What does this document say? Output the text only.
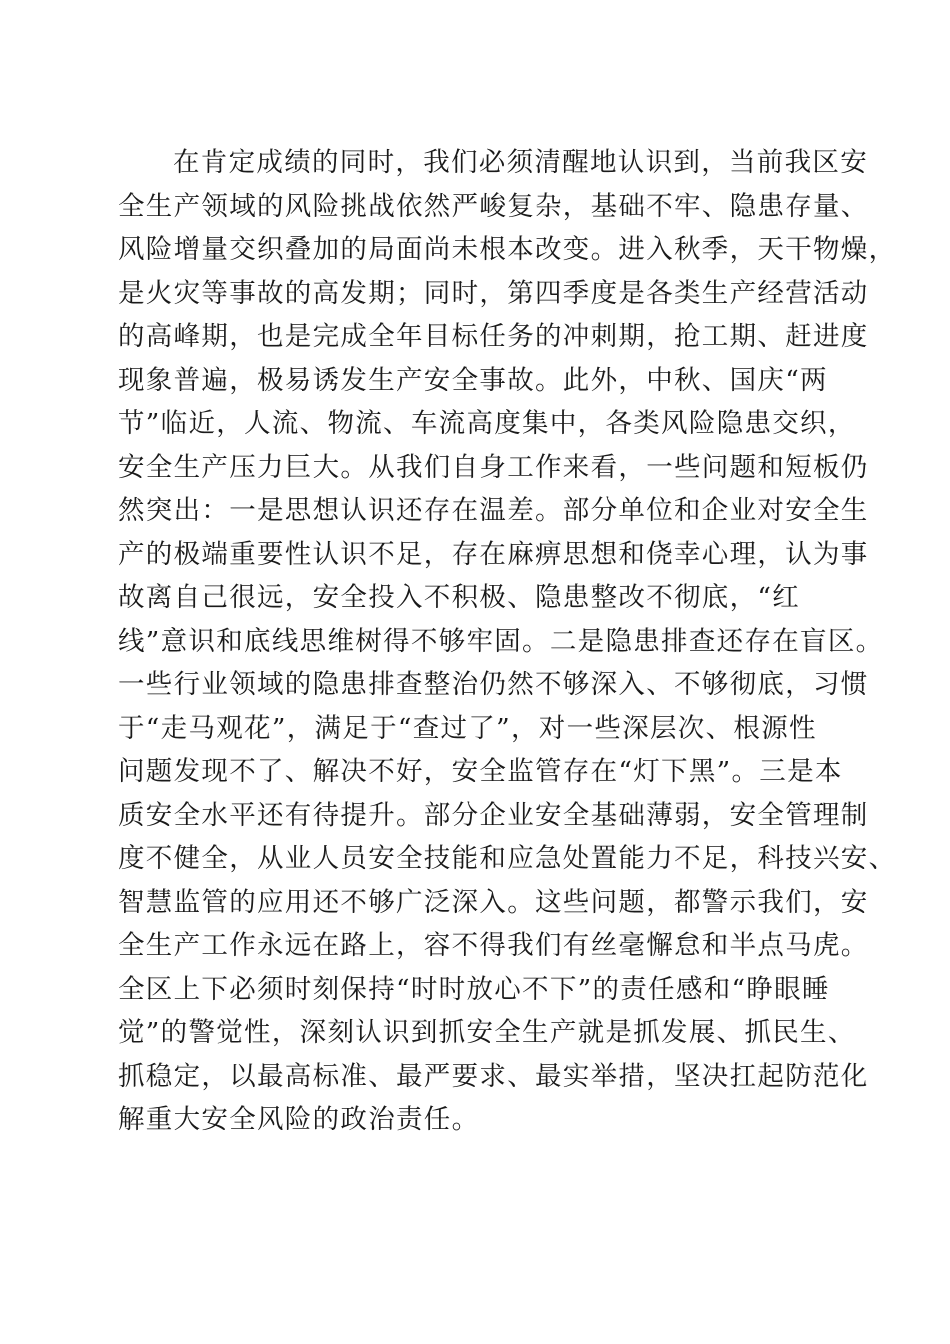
在肯定成绩的同时，我们必须清醒地认识到，当前我区安
全生产领域的风险挑战依然严峻复杂，基础不牢、隐患存量、
风险增量交织叠加的局面尚未根本改变。进入秋季，天干物燥，
是火灾等事故的高发期；同时，第四季度是各类生产经营活动
的高峰期，也是完成全年目标任务的冲刺期，抢工期、赶进度
现象普遍，极易诱发生产安全事故。此外，中秋、国庆“两
节”临近，人流、物流、车流高度集中，各类风险隐患交织，
安全生产压力巨大。从我们自身工作来看，一些问题和短板仍
然突出：一是思想认识还存在温差。部分单位和企业对安全生
产的极端重要性认识不足，存在麻痹思想和侥幸心理，认为事
故离自己很远，安全投入不积极、隐患整改不彻底，“红
线”意识和底线思维树得不够牢固。二是隐患排查还存在盲区。
一些行业领域的隐患排查整治仍然不够深入、不够彻底，习惯
于“走马观花”，满足于“查过了”，对一些深层次、根源性
问题发现不了、解决不好，安全监管存在“灯下黑”。三是本
质安全水平还有待提升。部分企业安全基础薄弱，安全管理制
度不健全，从业人员安全技能和应急处置能力不足，科技兴安、
智慧监管的应用还不够广泛深入。这些问题，都警示我们，安
全生产工作永远在路上，容不得我们有丝毫懈怠和半点马虎。
全区上下必须时刻保持“时时放心不下”的责任感和“睁眼睡
觉”的警觉性，深刻认识到抓安全生产就是抓发展、抓民生、
抓稳定，以最高标准、最严要求、最实举措，坚决扛起防范化
解重大安全风险的政治责任。
